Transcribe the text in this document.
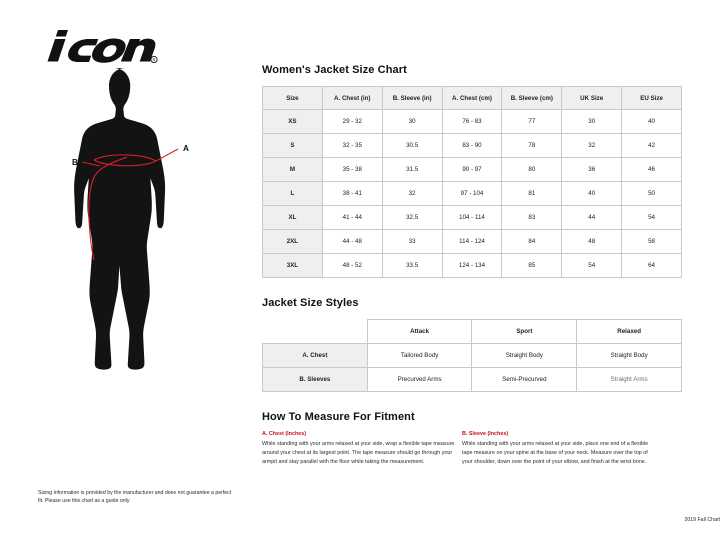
R
A
B
Sizing information is provided by the manufacturer and does not guarantee a perfect fit. Please use this chart as a guide only
Women's Jacket Size Chart
Size	A. Chest (in)	B. Sleeve (in)	A. Chest (cm)	B. Sleeve (cm)	UK Size	EU Size
XS	29 - 32	30	76 - 83	77	30	40
S	32 - 35	30.5	83 - 90	78	32	42
M	35 - 38	31.5	90 - 97	80	36	46
L	38 - 41	32	97 - 104	81	40	50
XL	41 - 44	32.5	104 - 114	83	44	54
2XL	44 - 48	33	114 - 124	84	48	58
3XL	48 - 52	33.5	124 - 134	85	54	64
Jacket Size Styles
	Attack	Sport	Relaxed
A. Chest	Tailored Body	Straight Body	Straight Body
B. Sleeves	Precurved Arms	Semi-Precurved	Straight Arms
How To Measure For Fitment

A. Chest (Inches)

While standing with your arms relaxed at your side, wrap a flexible tape measure around your chest at its largest point. The tape measure should go through your armpit and stay parallel with the floor while taking the measurement.

B. Sleeve (Inches)

While standing with your arms relaxed at your side, place one end of a flexible tape measure on your spine at the base of your neck. Measure over the top of your shoulder, down over the point of your elbow, and finish at the wrist bone.

2019 Fall Chart
